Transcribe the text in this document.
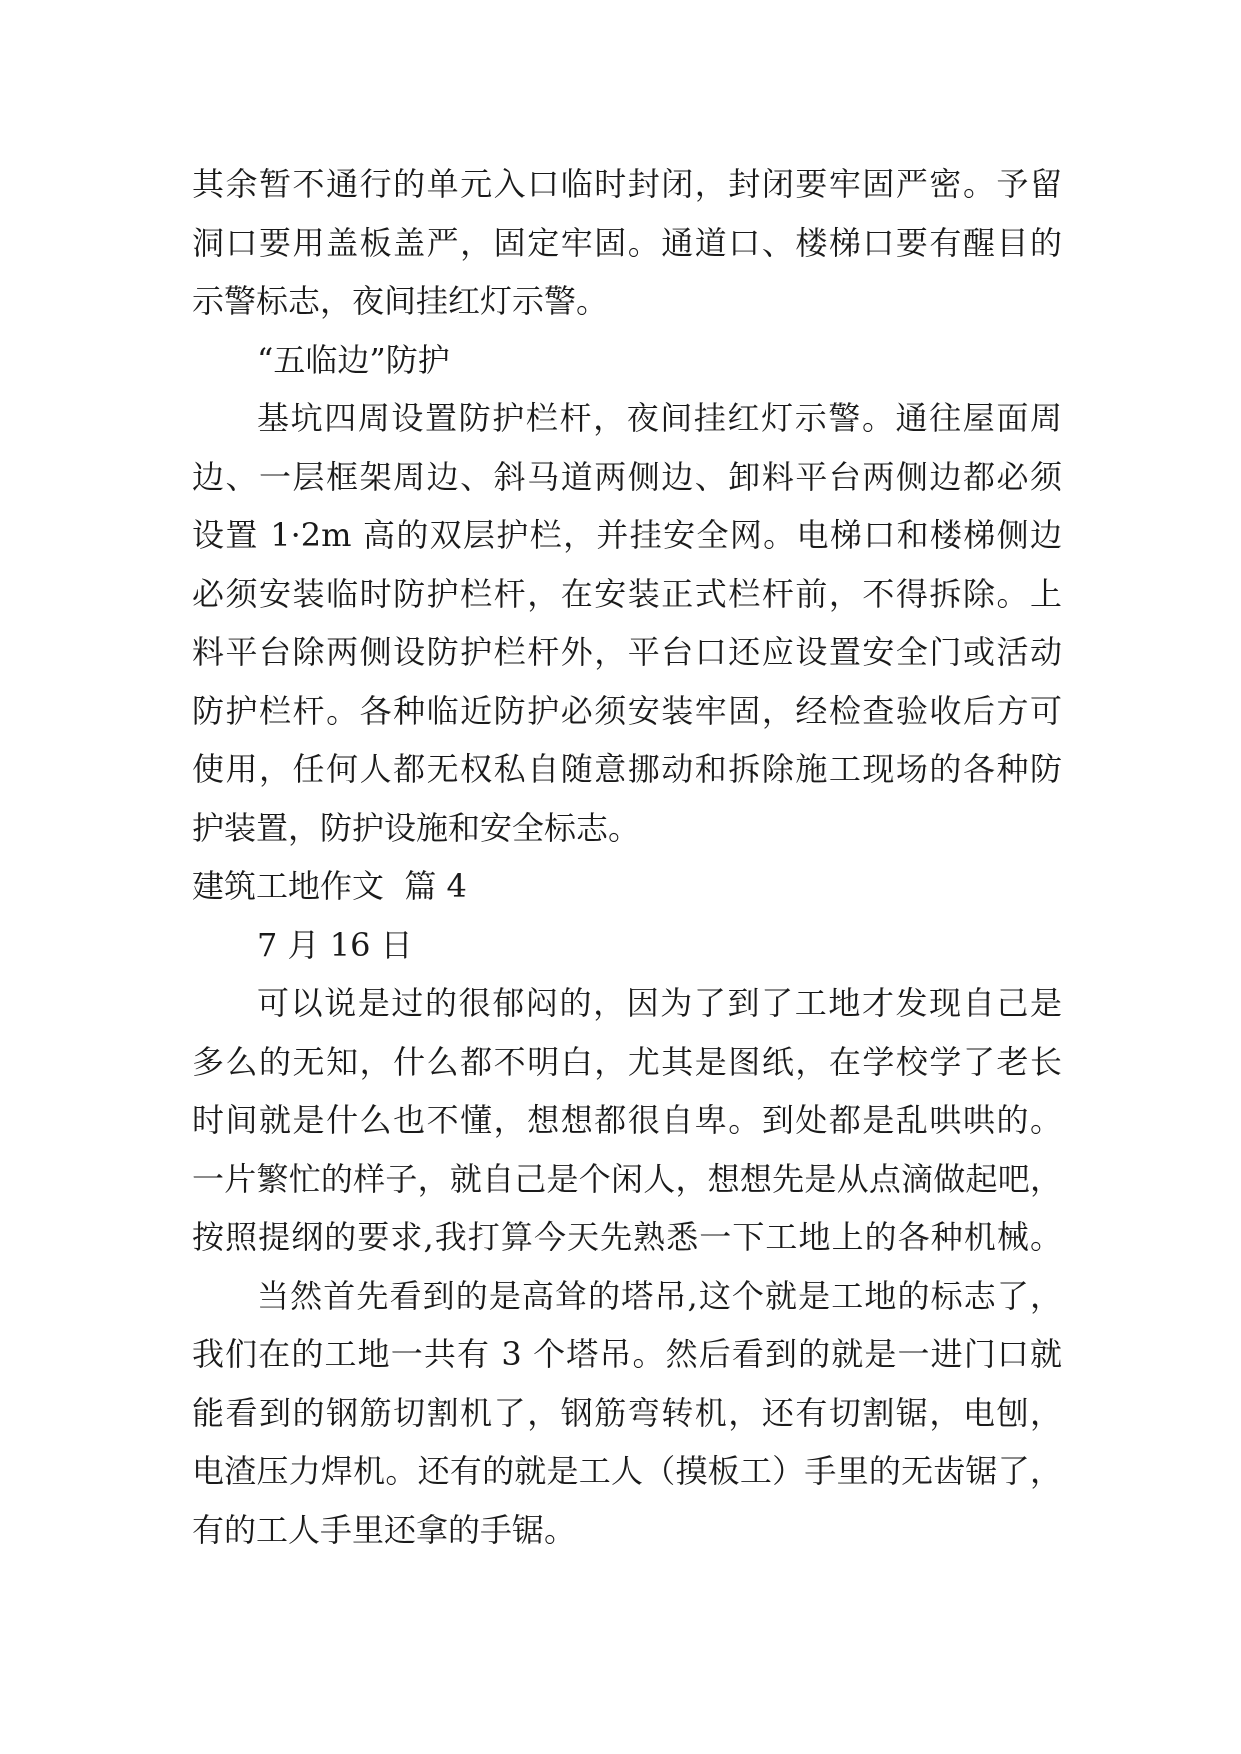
其余暂不通行的单元入口临时封闭，封闭要牢固严密。予留
洞口要用盖板盖严，固定牢固。通道口、楼梯口要有醒目的
示警标志，夜间挂红灯示警。
“五临边”防护
基坑四周设置防护栏杆，夜间挂红灯示警。通往屋面周
边、一层框架周边、斜马道两侧边、卸料平台两侧边都必须
设置 1·2m 高的双层护栏，并挂安全网。电梯口和楼梯侧边
必须安装临时防护栏杆，在安装正式栏杆前，不得拆除。上
料平台除两侧设防护栏杆外，平台口还应设置安全门或活动
防护栏杆。各种临近防护必须安装牢固，经检查验收后方可
使用，任何人都无权私自随意挪动和拆除施工现场的各种防
护装置，防护设施和安全标志。
建筑工地作文  篇 4
7 月 16 日
可以说是过的很郁闷的，因为了到了工地才发现自己是
多么的无知，什么都不明白，尤其是图纸，在学校学了老长
时间就是什么也不懂，想想都很自卑。到处都是乱哄哄的。
一片繁忙的样子，就自己是个闲人，想想先是从点滴做起吧，
按照提纲的要求,我打算今天先熟悉一下工地上的各种机械。
当然首先看到的是高耸的塔吊,这个就是工地的标志了，
我们在的工地一共有 3 个塔吊。然后看到的就是一进门口就
能看到的钢筋切割机了，钢筋弯转机，还有切割锯，电刨，
电渣压力焊机。还有的就是工人（摸板工）手里的无齿锯了，
有的工人手里还拿的手锯。
